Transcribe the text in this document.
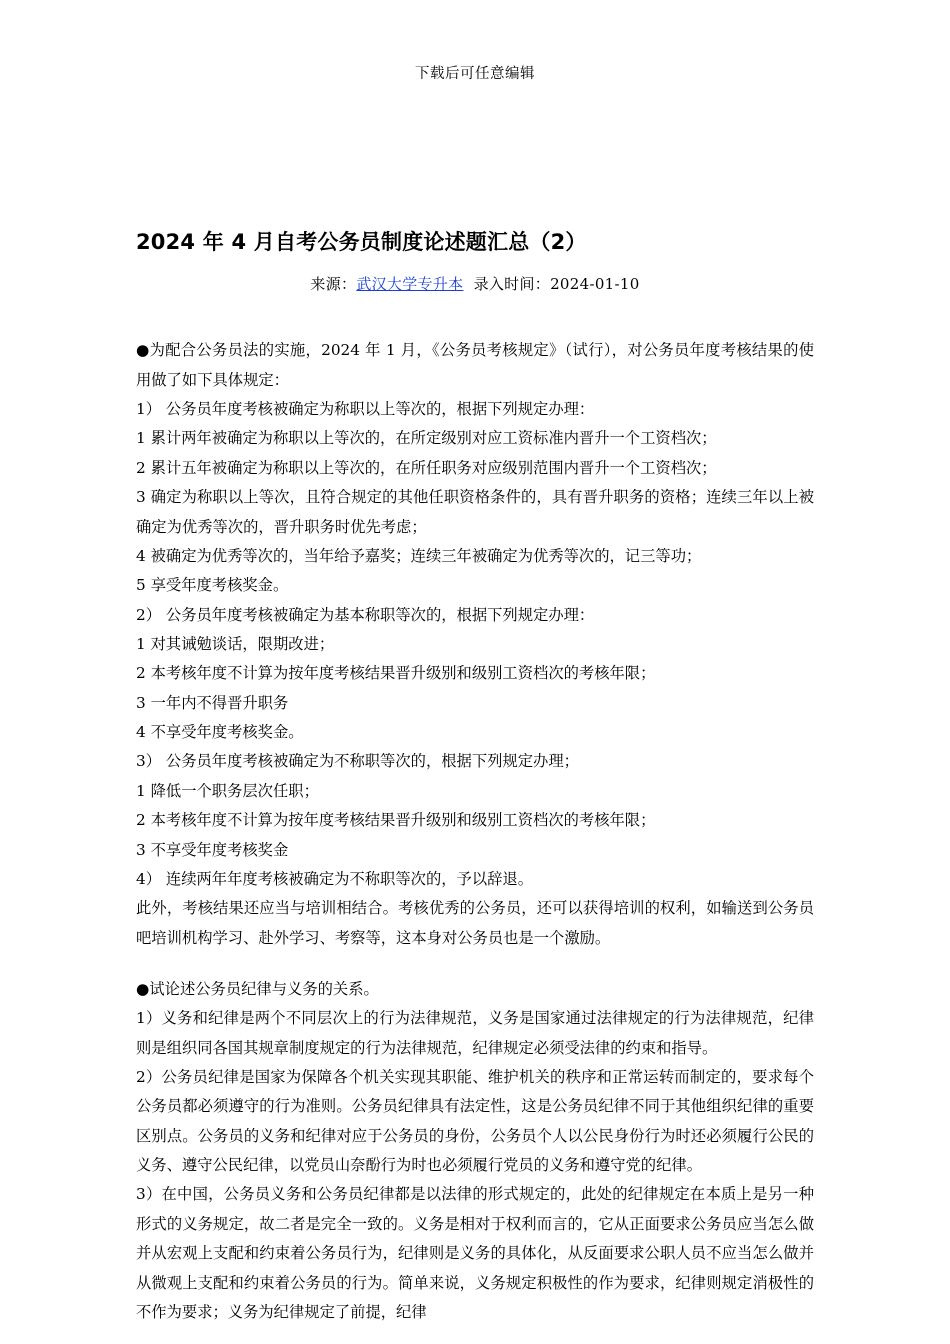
下载后可任意编辑
2024 年 4 月自考公务员制度论述题汇总（2）
来源：武汉大学专升本 录入时间：2024-01-10

●为配合公务员法的实施，2024 年 1 月，《公务员考核规定》（试行），对公务员年度考核结果的使用做了如下具体规定：

1） 公务员年度考核被确定为称职以上等次的，根据下列规定办理：

1 累计两年被确定为称职以上等次的，在所定级别对应工资标准内晋升一个工资档次；

2 累计五年被确定为称职以上等次的，在所任职务对应级别范围内晋升一个工资档次；

3 确定为称职以上等次，且符合规定的其他任职资格条件的，具有晋升职务的资格；连续三年以上被确定为优秀等次的，晋升职务时优先考虑；

4 被确定为优秀等次的，当年给予嘉奖；连续三年被确定为优秀等次的，记三等功；

5 享受年度考核奖金。

2） 公务员年度考核被确定为基本称职等次的，根据下列规定办理：

1 对其诫勉谈话，限期改进；

2 本考核年度不计算为按年度考核结果晋升级别和级别工资档次的考核年限；

3 一年内不得晋升职务

4 不享受年度考核奖金。

3） 公务员年度考核被确定为不称职等次的，根据下列规定办理；

1 降低一个职务层次任职；

2 本考核年度不计算为按年度考核结果晋升级别和级别工资档次的考核年限；

3 不享受年度考核奖金

4） 连续两年年度考核被确定为不称职等次的，予以辞退。

此外，考核结果还应当与培训相结合。考核优秀的公务员，还可以获得培训的权利，如输送到公务员吧培训机构学习、赴外学习、考察等，这本身对公务员也是一个激励。

●试论述公务员纪律与义务的关系。

1）义务和纪律是两个不同层次上的行为法律规范，义务是国家通过法律规定的行为法律规范，纪律则是组织同各国其规章制度规定的行为法律规范，纪律规定必须受法律的约束和指导。

2）公务员纪律是国家为保障各个机关实现其职能、维护机关的秩序和正常运转而制定的，要求每个公务员都必须遵守的行为准则。公务员纪律具有法定性，这是公务员纪律不同于其他组织纪律的重要区别点。公务员的义务和纪律对应于公务员的身份，公务员个人以公民身份行为时还必须履行公民的义务、遵守公民纪律，以党员山奈酚行为时也必须履行党员的义务和遵守党的纪律。

3）在中国，公务员义务和公务员纪律都是以法律的形式规定的，此处的纪律规定在本质上是另一种形式的义务规定，故二者是完全一致的。义务是相对于权利而言的，它从正面要求公务员应当怎么做并从宏观上支配和约束着公务员行为，纪律则是义务的具体化，从反面要求公职人员不应当怎么做并从微观上支配和约束着公务员的行为。简单来说，义务规定积极性的作为要求，纪律则规定消极性的不作为要求；义务为纪律规定了前提，纪律
